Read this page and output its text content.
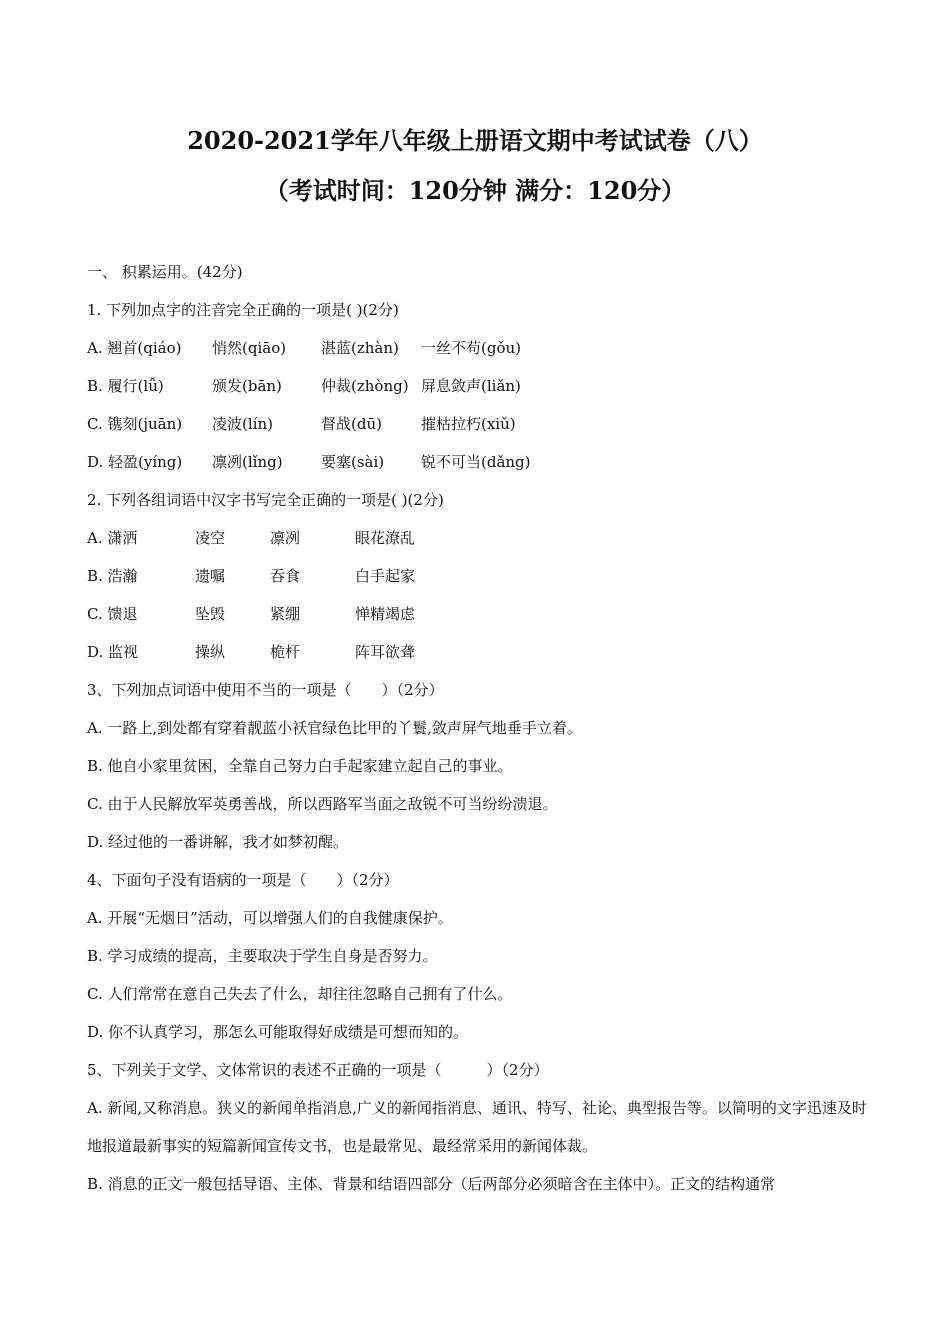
2020-2021学年八年级上册语文期中考试试卷（八）
（考试时间：120分钟 满分：120分）
一、 积累运用。(42分)
1. 下列加点字的注音完全正确的一项是( )(2分)
A. 翘首(qiáo) 悄然(qiāo) 湛蓝(zhàn) 一丝不苟(gǒu)
B. 履行(lǚ)	颁发(bān)	仲裁(zhòng) 屏息敛声(liǎn)
C. 镌刻(juān) 凌波(lín)	督战(dū)	摧枯拉朽(xiǔ)
D. 轻盈(yíng) 凛冽(lǐng)	要塞(sài) 锐不可当(dǎng)
2. 下列各组词语中汉字书写完全正确的一项是( )(2分)
A. 潇洒	凌空	凛冽	眼花潦乱
B. 浩瀚	遗嘱	吞食	白手起家
C. 馈退	坠毁	紧绷	惮精竭虑
D. 监视	操纵	桅杆	阵耳欲聋
3、下列加点词语中使用不当的一项是（　　）（2分）
A. 一路上,到处都有穿着靓蓝小袄官绿色比甲的丫鬟,敛声屏气地垂手立着。
B. 他自小家里贫困，全靠自己努力白手起家建立起自己的事业。
C. 由于人民解放军英勇善战，所以西路军当面之敌锐不可当纷纷溃退。
D. 经过他的一番讲解，我才如梦初醒。
4、下面句子没有语病的一项是（　　）（2分）
A. 开展“无烟日”活动，可以增强人们的自我健康保护。
B. 学习成绩的提高，主要取决于学生自身是否努力。
C. 人们常常在意自己失去了什么，却往往忽略自己拥有了什么。
D. 你不认真学习，那怎么可能取得好成绩是可想而知的。
5、下列关于文学、文体常识的表述不正确的一项是（　　　）（2分）
A. 新闻,又称消息。狭义的新闻单指消息,广义的新闻指消息、通讯、特写、社论、典型报告等。以简明的文字迅速及时地报道最新事实的短篇新闻宣传文书，也是最常见、最经常采用的新闻体裁。
B. 消息的正文一般包括导语、主体、背景和结语四部分（后两部分必须暗含在主体中）。正文的结构通常
